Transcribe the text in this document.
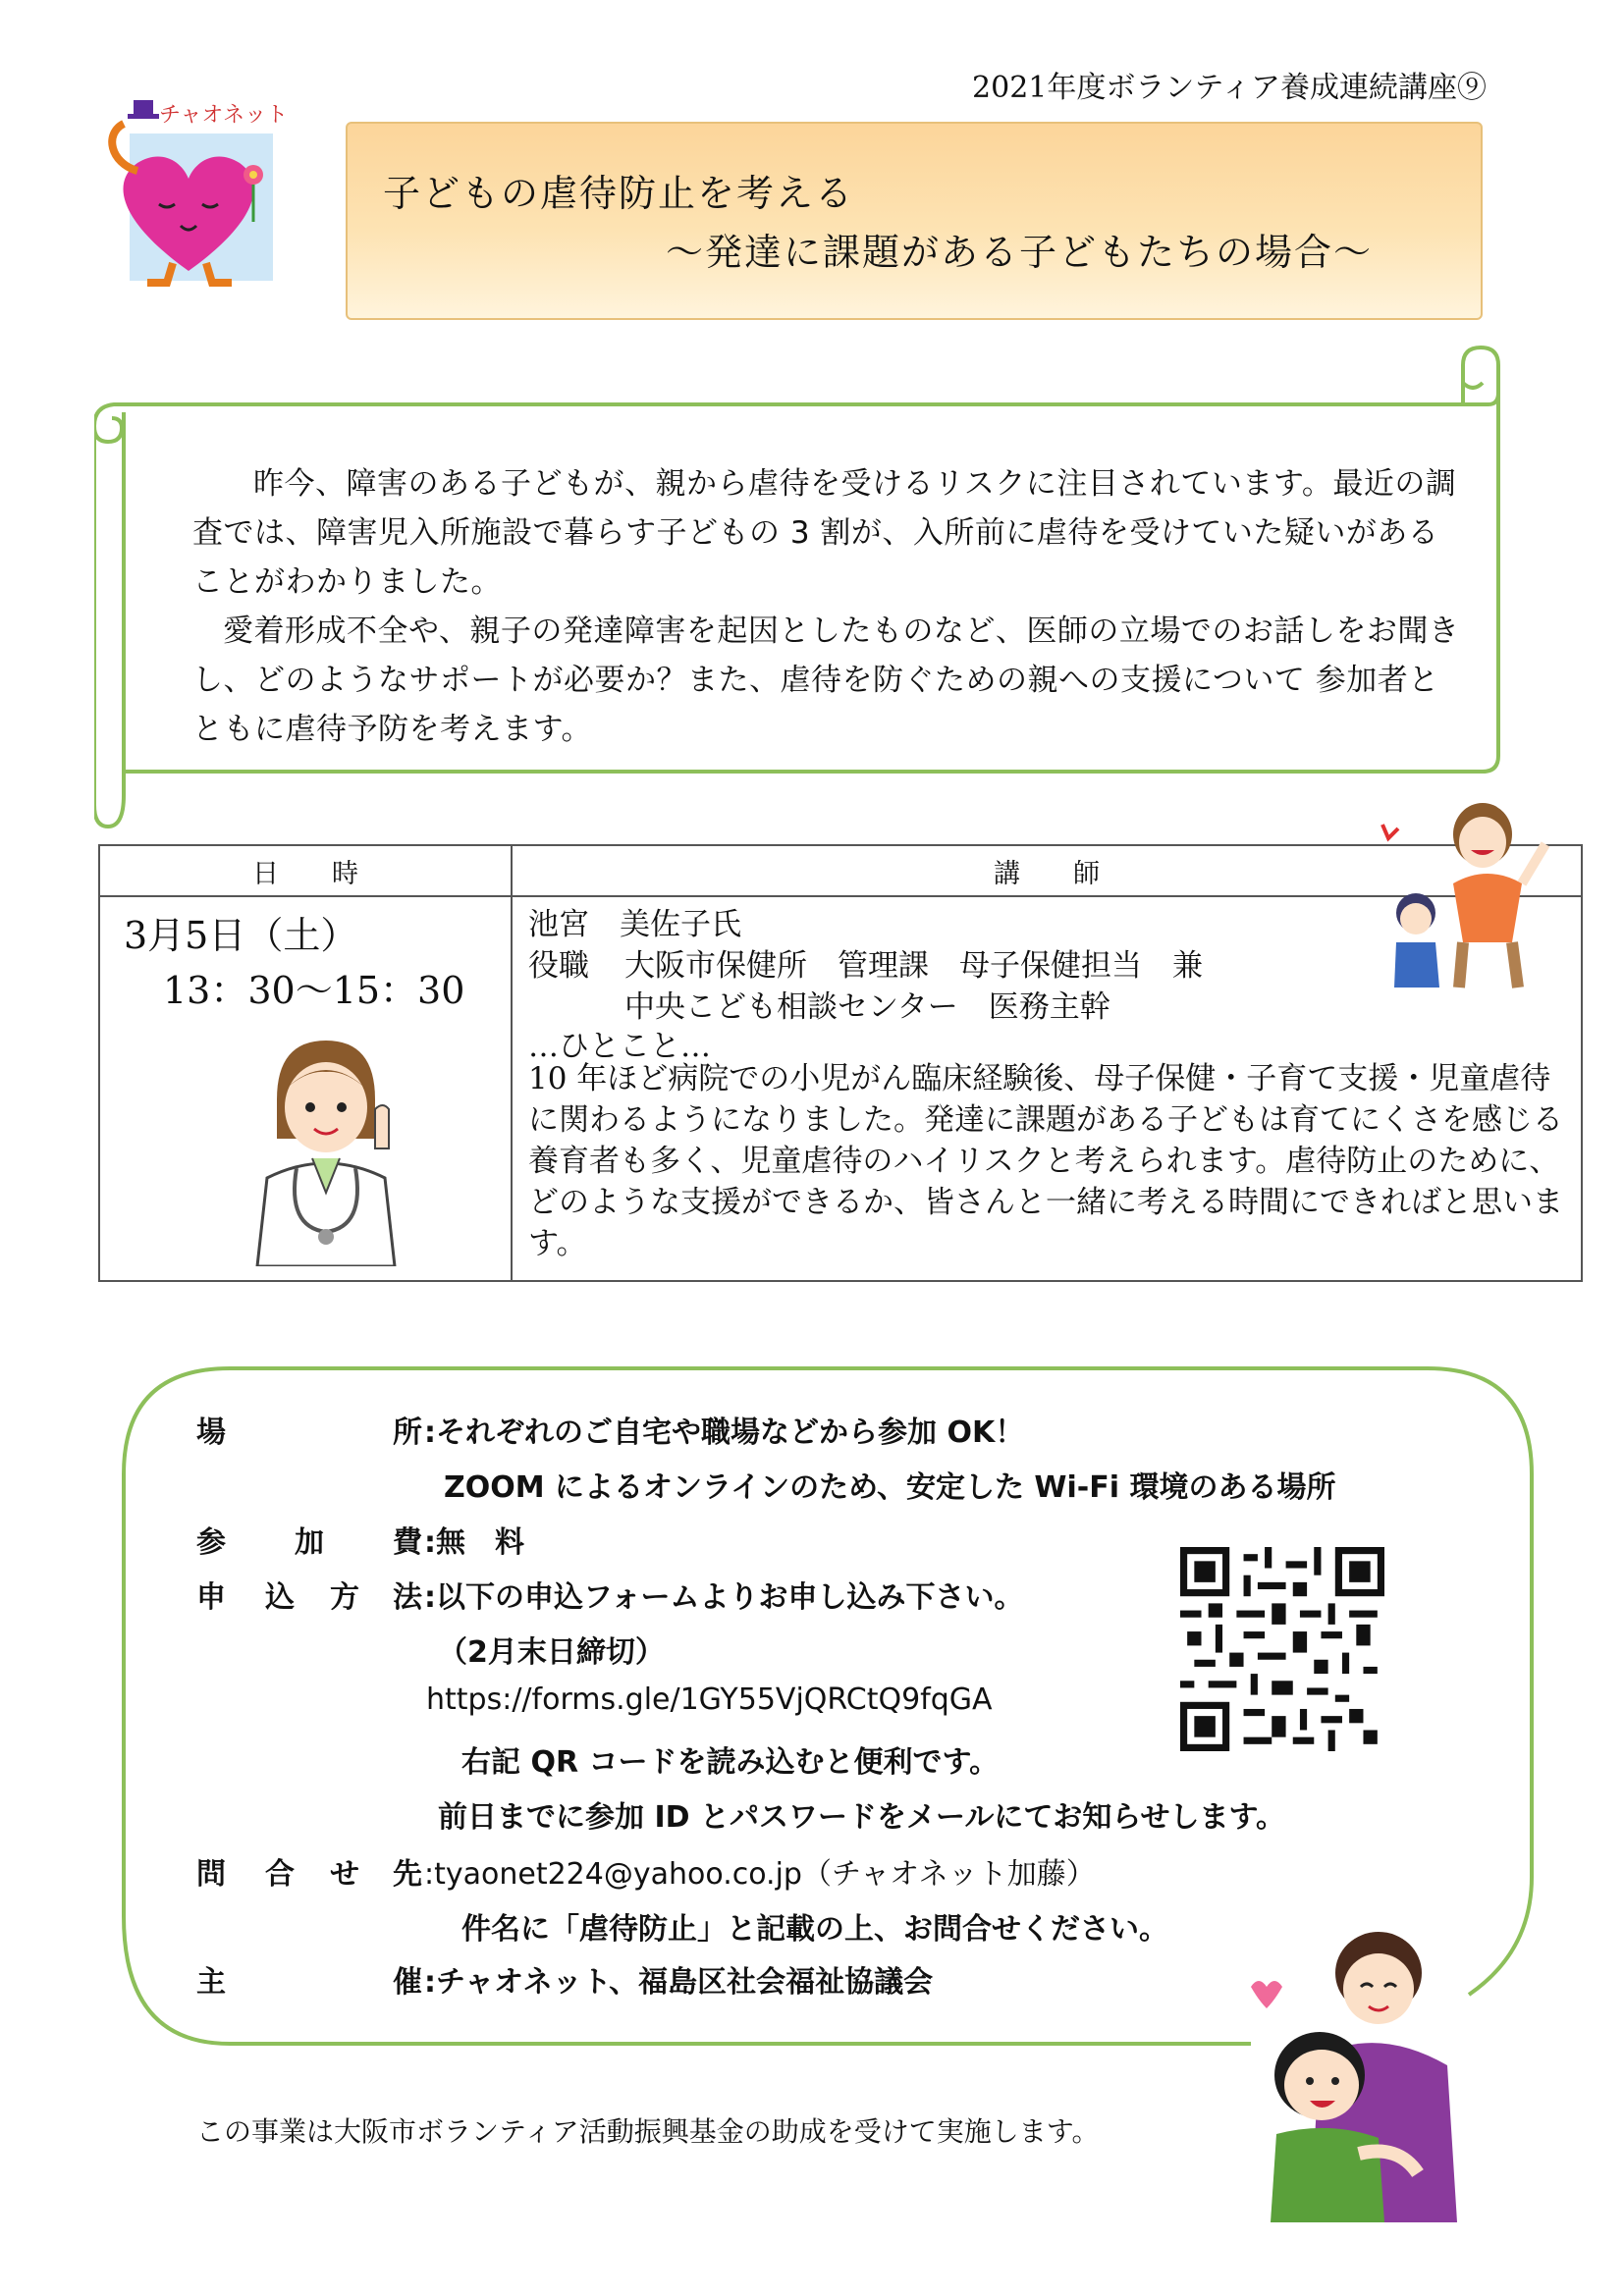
2021年度ボランティア養成連続講座⑨
チャオネット
子どもの虐待防止を考える
～発達に課題がある子どもたちの場合～

昨今、障害のある子どもが、親から虐待を受けるリスクに注目されています。最近の調査では、障害児入所施設で暮らす子どもの 3 割が、入所前に虐待を受けていた疑いがあることがわかりました。

愛着形成不全や、親子の発達障害を起因としたものなど、医師の立場でのお話しをお聞きし、どのようなサポートが必要か？また、虐待を防ぐための親への支援について 参加者とともに虐待予防を考えます。

日　　時	講　　師
3月5日（土）
13：30～15：30
池宮　美佐子氏
役職 大阪市保健所　管理課　母子保健担当　兼
中央こども相談センター　医務主幹
…ひとこと…
10 年ほど病院での小児がん臨床経験後、母子保健・子育て支援・児童虐待に関わるようになりました。発達に課題がある子どもは育てにくさを感じる養育者も多く、児童虐待のハイリスクと考えられます。虐待防止のために、どのような支援ができるか、皆さんと一緒に考える時間にできればと思います。
場	所 :それぞれのご自宅や職場などから参加 OK！
ZOOM によるオンラインのため、安定した Wi-Fi 環境のある場所
参 加 費 :無　料
申 込 方 法 :以下の申込フォームよりお申し込み下さい。
（2月末日締切）
https://forms.gle/1GY55VjQRCtQ9fqGA
右記 QR コードを読み込むと便利です。
前日までに参加 ID とパスワードをメールにてお知らせします。
問 合 せ 先 :tyaonet224@yahoo.co.jp（チャオネット加藤）
件名に「虐待防止」と記載の上、お問合せください。
主	催 :チャオネット、福島区社会福祉協議会
この事業は大阪市ボランティア活動振興基金の助成を受けて実施します。
